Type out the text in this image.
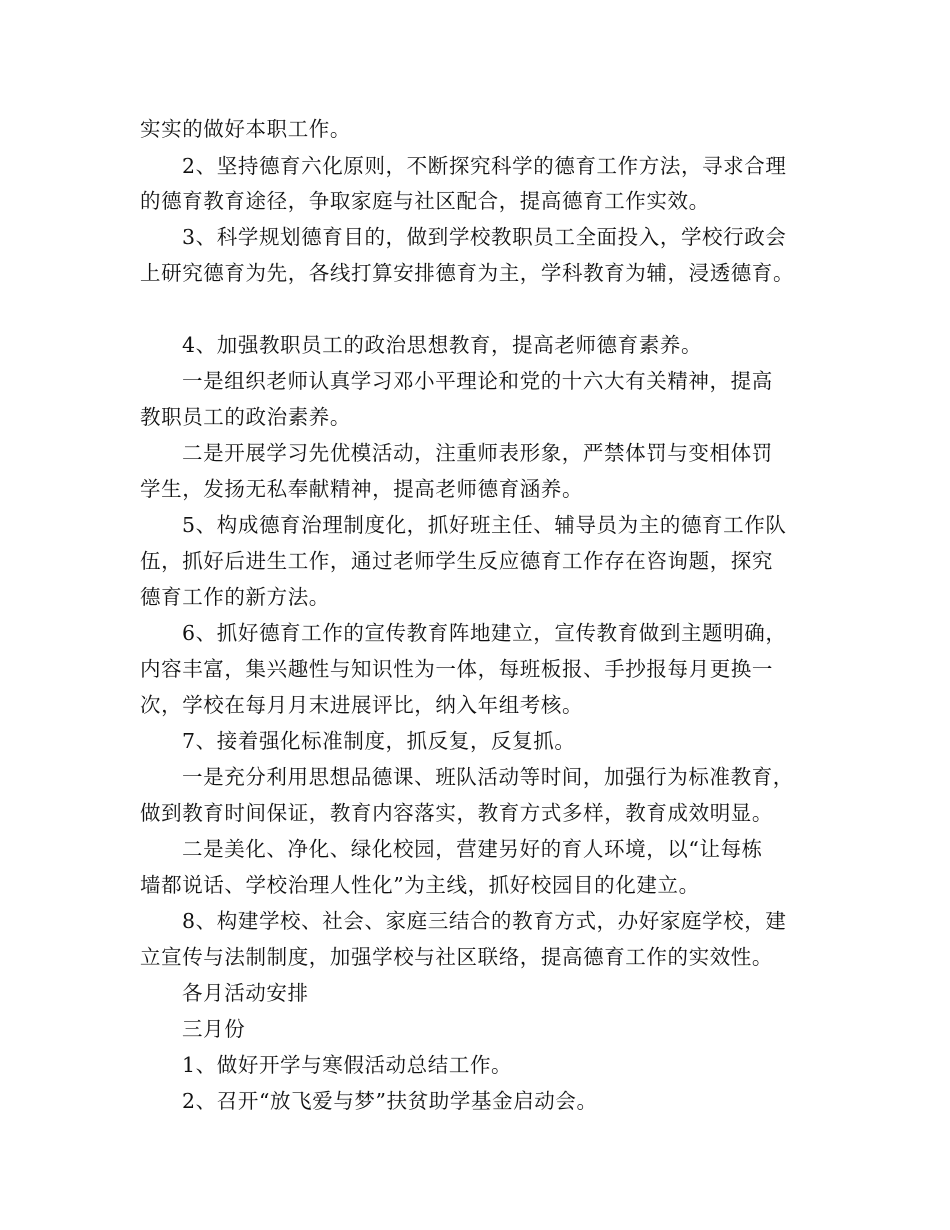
实实的做好本职工作。
2、坚持德育六化原则，不断探究科学的德育工作方法，寻求合理
的德育教育途径，争取家庭与社区配合，提高德育工作实效。
3、科学规划德育目的，做到学校教职员工全面投入，学校行政会
上研究德育为先，各线打算安排德育为主，学科教育为辅，浸透德育。
4、加强教职员工的政治思想教育，提高老师德育素养。
一是组织老师认真学习邓小平理论和党的十六大有关精神，提高
教职员工的政治素养。
二是开展学习先优模活动，注重师表形象，严禁体罚与变相体罚
学生，发扬无私奉献精神，提高老师德育涵养。
5、构成德育治理制度化，抓好班主任、辅导员为主的德育工作队
伍，抓好后进生工作，通过老师学生反应德育工作存在咨询题，探究
德育工作的新方法。
6、抓好德育工作的宣传教育阵地建立，宣传教育做到主题明确，
内容丰富，集兴趣性与知识性为一体，每班板报、手抄报每月更换一
次，学校在每月月末进展评比，纳入年组考核。
7、接着强化标准制度，抓反复，反复抓。
一是充分利用思想品德课、班队活动等时间，加强行为标准教育，
做到教育时间保证，教育内容落实，教育方式多样，教育成效明显。
二是美化、净化、绿化校园，营建另好的育人环境，以“让每栋
墙都说话、学校治理人性化”为主线，抓好校园目的化建立。
8、构建学校、社会、家庭三结合的教育方式，办好家庭学校，建
立宣传与法制制度，加强学校与社区联络，提高德育工作的实效性。
各月活动安排
三月份
1、做好开学与寒假活动总结工作。
2、召开“放飞爱与梦”扶贫助学基金启动会。
